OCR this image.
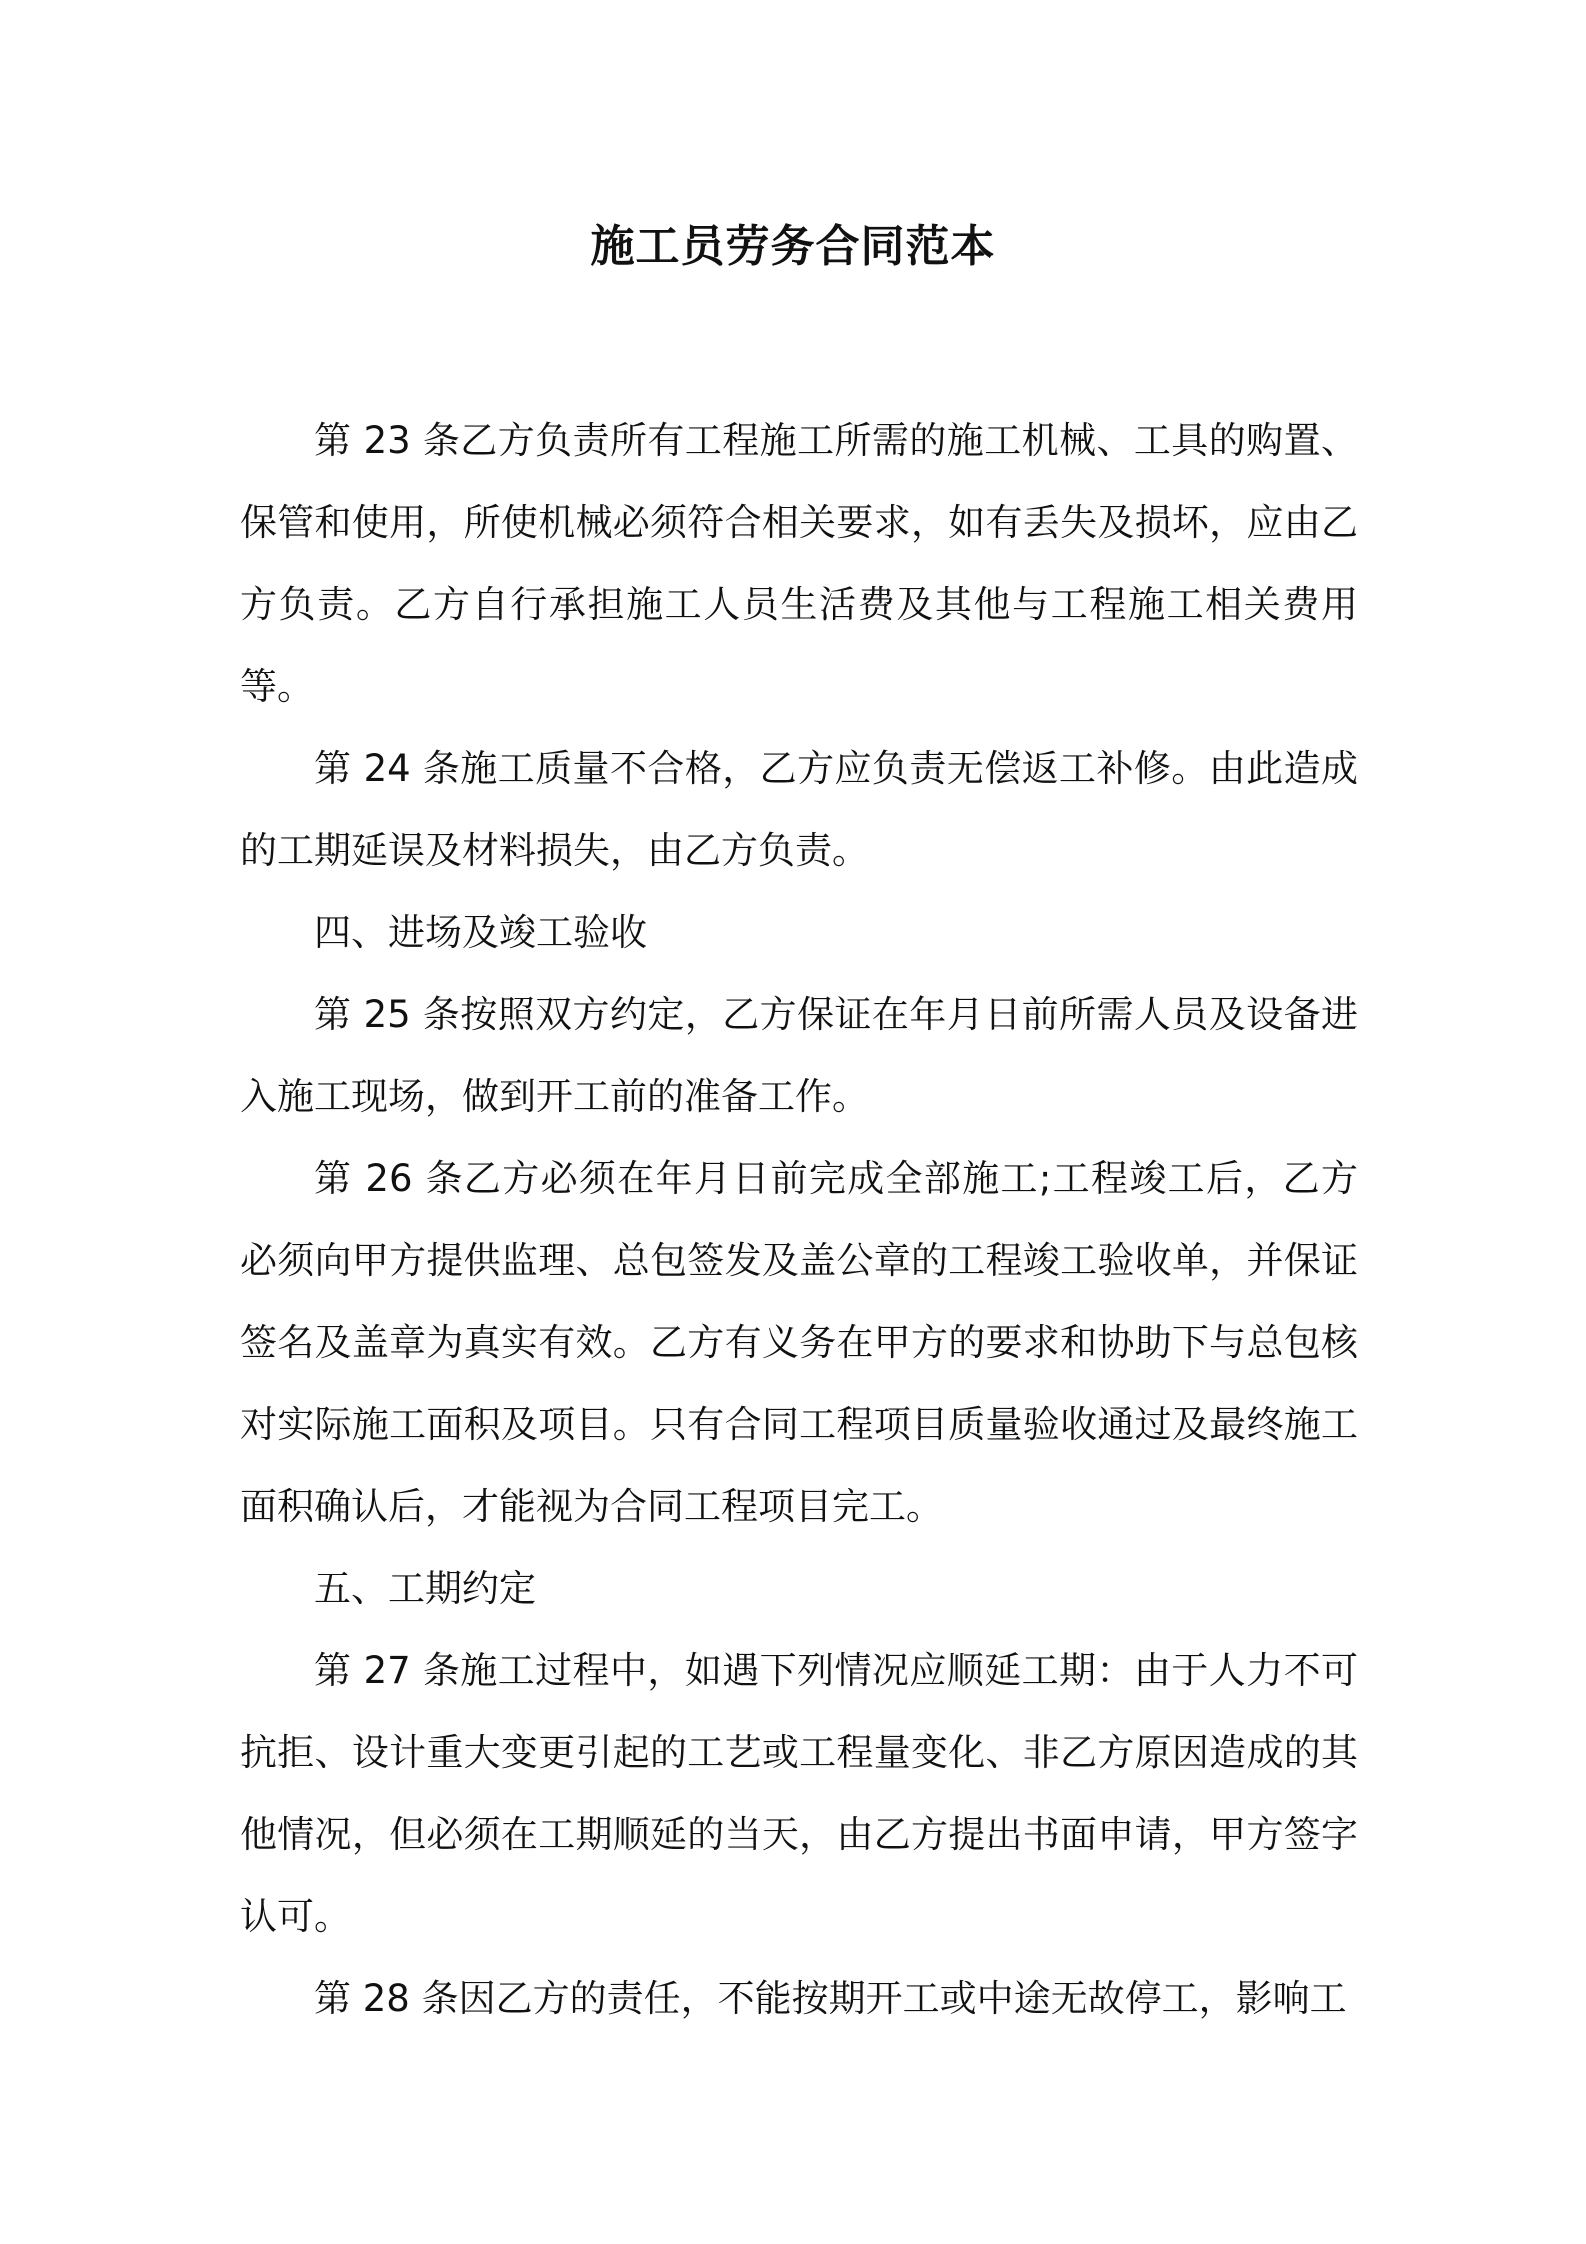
施工员劳务合同范本

第 23 条乙方负责所有工程施工所需的施工机械、工具的购置、保管和使用，所使机械必须符合相关要求，如有丢失及损坏，应由乙方负责。乙方自行承担施工人员生活费及其他与工程施工相关费用等。

第 24 条施工质量不合格，乙方应负责无偿返工补修。由此造成的工期延误及材料损失，由乙方负责。

四、进场及竣工验收

第 25 条按照双方约定，乙方保证在年月日前所需人员及设备进入施工现场，做到开工前的准备工作。

第 26 条乙方必须在年月日前完成全部施工;工程竣工后，乙方必须向甲方提供监理、总包签发及盖公章的工程竣工验收单，并保证签名及盖章为真实有效。乙方有义务在甲方的要求和协助下与总包核对实际施工面积及项目。只有合同工程项目质量验收通过及最终施工面积确认后，才能视为合同工程项目完工。

五、工期约定

第 27 条施工过程中，如遇下列情况应顺延工期：由于人力不可抗拒、设计重大变更引起的工艺或工程量变化、非乙方原因造成的其他情况，但必须在工期顺延的当天，由乙方提出书面申请，甲方签字认可。

第 28 条因乙方的责任，不能按期开工或中途无故停工，影响工
